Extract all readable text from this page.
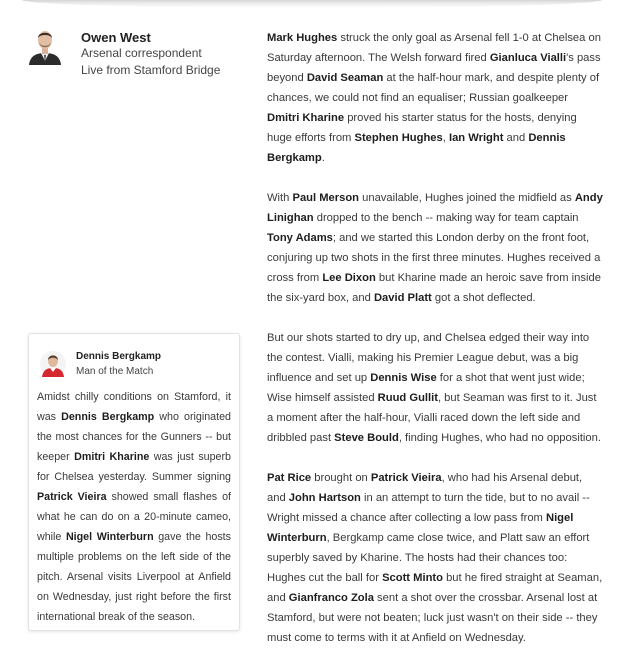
Owen West
Arsenal correspondent
Live from Stamford Bridge

Mark Hughes struck the only goal as Arsenal fell 1-0 at Chelsea on Saturday afternoon. The Welsh forward fired Gianluca Vialli's pass beyond David Seaman at the half-hour mark, and despite plenty of chances, we could not find an equaliser; Russian goalkeeper Dmitri Kharine proved his starter status for the hosts, denying huge efforts from Stephen Hughes, Ian Wright and Dennis Bergkamp.

With Paul Merson unavailable, Hughes joined the midfield as Andy Linighan dropped to the bench -- making way for team captain Tony Adams; and we started this London derby on the front foot, conjuring up two shots in the first three minutes. Hughes received a cross from Lee Dixon but Kharine made an heroic save from inside the six-yard box, and David Platt got a shot deflected.

But our shots started to dry up, and Chelsea edged their way into the contest. Vialli, making his Premier League debut, was a big influence and set up Dennis Wise for a shot that went just wide; Wise himself assisted Ruud Gullit, but Seaman was first to it. Just a moment after the half-hour, Vialli raced down the left side and dribbled past Steve Bould, finding Hughes, who had no opposition.

Pat Rice brought on Patrick Vieira, who had his Arsenal debut, and John Hartson in an attempt to turn the tide, but to no avail -- Wright missed a chance after collecting a low pass from Nigel Winterburn, Bergkamp came close twice, and Platt saw an effort superbly saved by Kharine. The hosts had their chances too: Hughes cut the ball for Scott Minto but he fired straight at Seaman, and Gianfranco Zola sent a shot over the crossbar. Arsenal lost at Stamford, but were not beaten; luck just wasn't on their side -- they must come to terms with it at Anfield on Wednesday.

Dennis Bergkamp
Man of the Match
Amidst chilly conditions on Stamford, it was Dennis Bergkamp who originated the most chances for the Gunners -- but keeper Dmitri Kharine was just superb for Chelsea yesterday. Summer signing Patrick Vieira showed small flashes of what he can do on a 20-minute cameo, while Nigel Winterburn gave the hosts multiple problems on the left side of the pitch. Arsenal visits Liverpool at Anfield on Wednesday, just right before the first international break of the season.
